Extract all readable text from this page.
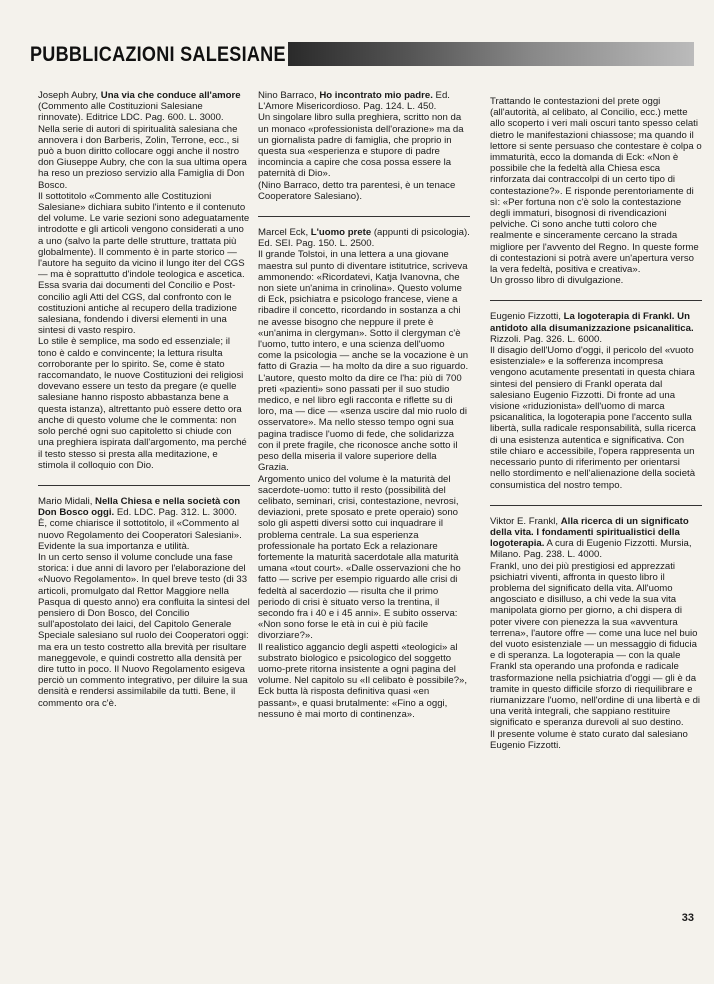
PUBBLICAZIONI SALESIANE

Joseph Aubry, Una via che conduce all'amore (Commento alle Costituzioni Salesiane rinnovate). Editrice LDC. Pag. 600. L. 3000.
Nella serie di autori di spiritualità salesiana che annovera i don Barberis, Zolin, Terrone, ecc., si può a buon diritto collocare oggi anche il nostro don Giuseppe Aubry, che con la sua ultima opera ha reso un prezioso servizio alla Famiglia di Don Bosco.

Il sottotitolo «Commento alle Costituzioni Salesiane» dichiara subito l'intento e il contenuto del volume. Le varie sezioni sono adeguatamente introdotte e gli articoli vengono considerati a uno a uno (salvo la parte delle strutture, trattata più globalmente). Il commento è in parte storico — l'autore ha seguito da vicino il lungo iter del CGS — ma è soprattutto d'indole teologica e ascetica. Essa svaria dai documenti del Concilio e Post-concilio agli Atti del CGS, dal confronto con le costituzioni antiche al recupero della tradizione salesiana, fondendo i diversi elementi in una sintesi di vasto respiro.

Lo stile è semplice, ma sodo ed essenziale; il tono è caldo e convincente; la lettura risulta corroborante per lo spirito. Se, come è stato raccomandato, le nuove Costituzioni dei religiosi dovevano essere un testo da pregare (e quelle salesiane hanno risposto abbastanza bene a questa istanza), altrettanto può essere detto ora anche di questo volume che le commenta: non solo perché ogni suo capitoletto si chiude con una preghiera ispirata dall'argomento, ma perché il testo stesso si presta alla meditazione, e stimola il colloquio con Dio.

Mario Midali, Nella Chiesa e nella società con Don Bosco oggi. Ed. LDC. Pag. 312. L. 3000.
È, come chiarisce il sottotitolo, il «Commento al nuovo Regolamento dei Cooperatori Salesiani». Evidente la sua importanza e utilità.

In un certo senso il volume conclude una fase storica: i due anni di lavoro per l'elaborazione del «Nuovo Regolamento». In quel breve testo (di 33 articoli, promulgato dal Rettor Maggiore nella Pasqua di questo anno) era confluita la sintesi del pensiero di Don Bosco, del Concilio sull'apostolato dei laici, del Capitolo Generale Speciale salesiano sul ruolo dei Cooperatori oggi: ma era un testo costretto alla brevità per risultare maneggevole, e quindi costretto alla densità per dire tutto in poco. Il Nuovo Regolamento esigeva perciò un commento integrativo, per diluire la sua densità e rendersi assimilabile da tutti. Bene, il commento ora c'è.

Nino Barraco, Ho incontrato mio padre. Ed. L'Amore Misericordioso. Pag. 124. L. 450.
Un singolare libro sulla preghiera, scritto non da un monaco «professionista dell'orazione» ma da un giornalista padre di famiglia, che proprio in questa sua «esperienza e stupore di padre incomincia a capire che cosa possa essere la paternità di Dio».

(Nino Barraco, detto tra parentesi, è un tenace Cooperatore Salesiano).

Marcel Eck, L'uomo prete (appunti di psicologia). Ed. SEI. Pag. 150. L. 2500.
Il grande Tolstoi, in una lettera a una giovane maestra sul punto di diventare istitutrice, scriveva ammonendo: «Ricordatevi, Katja Ivanovna, che non siete un'anima in crinolina». Questo volume di Eck, psichiatra e psicologo francese, viene a ribadire il concetto, ricordando in sostanza a chi ne avesse bisogno che neppure il prete è «un'anima in clergyman». Sotto il clergyman c'è l'uomo, tutto intero, e una scienza dell'uomo come la psicologia — anche se la vocazione è un fatto di Grazia — ha molto da dire a suo riguardo.

L'autore, questo molto da dire ce l'ha: più di 700 preti «pazienti» sono passati per il suo studio medico, e nel libro egli racconta e riflette su di loro, ma — dice — «senza uscire dal mio ruolo di osservatore». Ma nello stesso tempo ogni sua pagina tradisce l'uomo di fede, che solidarizza con il prete fragile, che riconosce anche sotto il peso della miseria il valore superiore della Grazia.

Argomento unico del volume è la maturità del sacerdote-uomo: tutto il resto (possibilità del celibato, seminari, crisi, contestazione, nevrosi, deviazioni, prete sposato e prete operaio) sono solo gli aspetti diversi sotto cui inquadrare il problema centrale. La sua esperienza professionale ha portato Eck a relazionare fortemente la maturità sacerdotale alla maturità umana «tout court». «Dalle osservazioni che ho fatto — scrive per esempio riguardo alle crisi di fedeltà al sacerdozio — risulta che il primo periodo di crisi è situato verso la trentina, il secondo fra i 40 e i 45 anni». E subito osserva: «Non sono forse le età in cui è più facile divorziare?».

Il realistico aggancio degli aspetti «teologici» al substrato biologico e psicologico del soggetto uomo-prete ritorna insistente a ogni pagina del volume. Nel capitolo su «Il celibato è possibile?», Eck butta là risposta definitiva quasi «en passant», e quasi brutalmente: «Fino a oggi, nessuno è mai morto di continenza».

Trattando le contestazioni del prete oggi (all'autorità, al celibato, al Concilio, ecc.) mette allo scoperto i veri mali oscuri tanto spesso celati dietro le manifestazioni chiassose; ma quando il lettore si sente persuaso che contestare è colpa o immaturità, ecco la domanda di Eck: «Non è possibile che la fedeltà alla Chiesa esca rinforzata dai contraccolpi di un certo tipo di contestazione?». E risponde perentoriamente di sì: «Per fortuna non c'è solo la contestazione degli immaturi, bisognosi di rivendicazioni pelviche. Ci sono anche tutti coloro che realmente e sinceramente cercano la strada migliore per l'avvento del Regno. In queste forme di contestazioni si potrà avere un'apertura verso la vera fedeltà, positiva e creativa».

Un grosso libro di divulgazione.

Eugenio Fizzotti, La logoterapia di Frankl. Un antidoto alla disumanizzazione psicanalitica. Rizzoli. Pag. 326. L. 6000.
Il disagio dell'Uomo d'oggi, il pericolo del «vuoto esistenziale» e la sofferenza incompresa vengono acutamente presentati in questa chiara sintesi del pensiero di Frankl operata dal salesiano Eugenio Fizzotti. Di fronte ad una visione «riduzionista» dell'uomo di marca psicanalitica, la logoterapia pone l'accento sulla libertà, sulla radicale responsabilità, sulla ricerca di una esistenza autentica e significativa. Con stile chiaro e accessibile, l'opera rappresenta un necessario punto di riferimento per orientarsi nello stordimento e nell'alienazione della società consumistica del nostro tempo.

Viktor E. Frankl, Alla ricerca di un significato della vita. I fondamenti spiritualistici della logoterapia. A cura di Eugenio Fizzotti. Mursia, Milano. Pag. 238. L. 4000.
Frankl, uno dei più prestigiosi ed apprezzati psichiatri viventi, affronta in questo libro il problema del significato della vita. All'uomo angosciato e disilluso, a chi vede la sua vita manipolata giorno per giorno, a chi dispera di poter vivere con pienezza la sua «avventura terrena», l'autore offre — come una luce nel buio del vuoto esistenziale — un messaggio di fiducia e di speranza. La logoterapia — con la quale Frankl sta operando una profonda e radicale trasformazione nella psichiatria d'oggi — gli è da tramite in questo difficile sforzo di riequilibrare e riumanizzare l'uomo, nell'ordine di una libertà e di una verità integrali, che sappiano restituire significato e speranza durevoli al suo destino.

Il presente volume è stato curato dal salesiano Eugenio Fizzotti.

33
